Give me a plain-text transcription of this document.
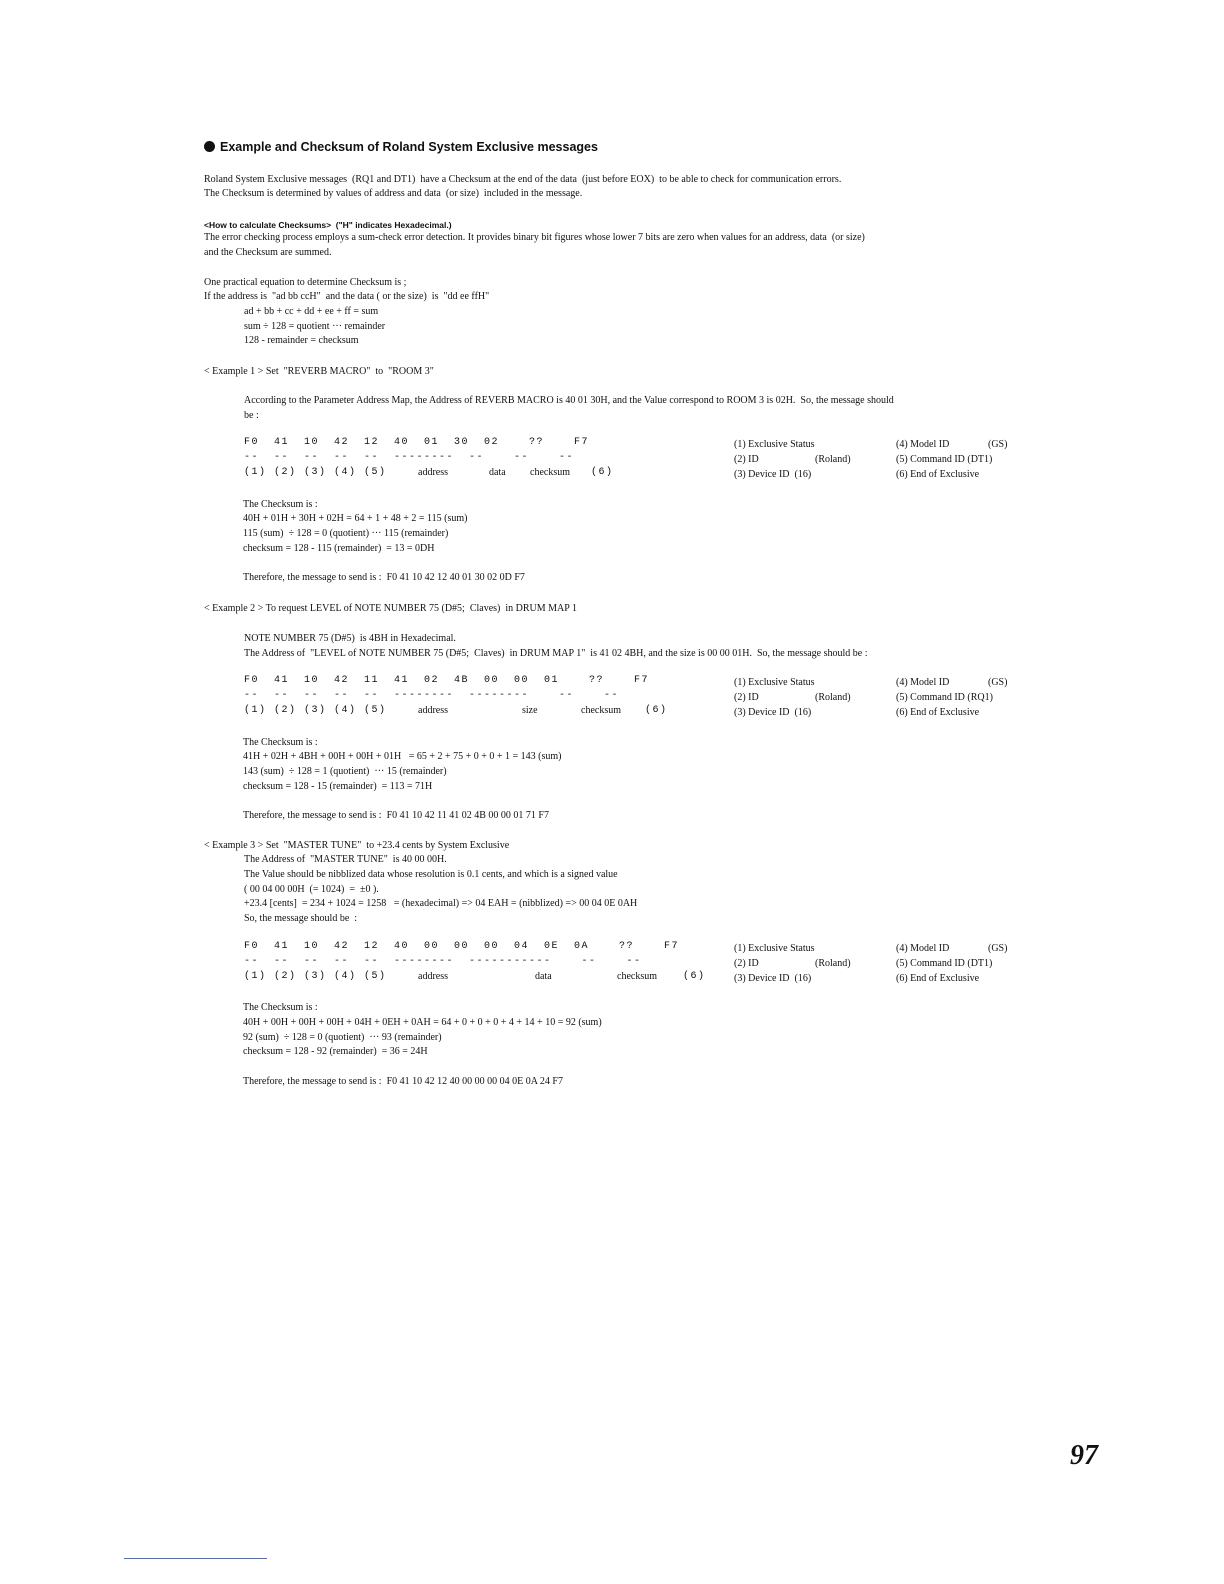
Example and Checksum of Roland System Exclusive messages
Roland System Exclusive messages  (RQ1 and DT1)  have a Checksum at the end of the data  (just before EOX)  to be able to check for communication errors.
The Checksum is determined by values of address and data  (or size)  included in the message.
<How to calculate Checksums>  ("H" indicates Hexadecimal.)
The error checking process employs a sum-check error detection. It provides binary bit figures whose lower 7 bits are zero when values for an address, data  (or size)
and the Checksum are summed.
One practical equation to determine Checksum is ;
If the address is  "ad bb ccH"  and the data ( or the size)  is  "dd ee ffH"
ad + bb + cc + dd + ee + ff = sum
sum ÷ 128 = quotient ··· remainder
128 - remainder = checksum
< Example 1 > Set  "REVERB MACRO"  to  "ROOM 3"
According to the Parameter Address Map, the Address of REVERB MACRO is 40 01 30H, and the Value correspond to ROOM 3 is 02H.  So, the message should
be :
F0  41  10  42  12  40  01  30  02    ??    F7
--  --  --  --  --  --------  --    --    --
(1) (2) (3) (4) (5)	address	data checksum (6)
(1) Exclusive Status
(2) ID	(Roland)
(3) Device ID  (16)
(4) Model ID	(GS)
(5) Command ID (DT1)
(6) End of Exclusive
The Checksum is :
40H + 01H + 30H + 02H = 64 + 1 + 48 + 2 = 115 (sum)
115 (sum)  ÷ 128 = 0 (quotient) ··· 115 (remainder)
checksum = 128 - 115 (remainder)  = 13 = 0DH
Therefore, the message to send is :  F0 41 10 42 12 40 01 30 02 0D F7
< Example 2 > To request LEVEL of NOTE NUMBER 75 (D#5;  Claves)  in DRUM MAP 1
NOTE NUMBER 75 (D#5)  is 4BH in Hexadecimal.
The Address of  "LEVEL of NOTE NUMBER 75 (D#5;  Claves)  in DRUM MAP 1"  is 41 02 4BH, and the size is 00 00 01H.  So, the message should be :
F0  41  10  42  11  41  02  4B  00  00  01    ??    F7
--  --  --  --  --  --------  --------    --    --
(1) (2) (3) (4) (5)	address	size	checksum (6)
(1) Exclusive Status
(2) ID	(Roland)
(3) Device ID  (16)
(4) Model ID	(GS)
(5) Command ID (RQ1)
(6) End of Exclusive
The Checksum is :
41H + 02H + 4BH + 00H + 00H + 01H   = 65 + 2 + 75 + 0 + 0 + 1 = 143 (sum)
143 (sum)  ÷ 128 = 1 (quotient)  ··· 15 (remainder)
checksum = 128 - 15 (remainder)  = 113 = 71H
Therefore, the message to send is :  F0 41 10 42 11 41 02 4B 00 00 01 71 F7
< Example 3 > Set  "MASTER TUNE"  to +23.4 cents by System Exclusive
The Address of  "MASTER TUNE"  is 40 00 00H.
The Value should be nibblized data whose resolution is 0.1 cents, and which is a signed value
( 00 04 00 00H  (= 1024)  =  ±0 ).
+23.4 [cents]  = 234 + 1024 = 1258   = (hexadecimal) => 04 EAH = (nibblized) => 00 04 0E 0AH
So, the message should be  :
F0  41  10  42  12  40  00  00  00  04  0E  0A    ??    F7
--  --  --  --  --  --------  -----------    --    --
(1) (2) (3) (4) (5)	address	data	checksum	(6)
(1) Exclusive Status
(2) ID	(Roland)
(3) Device ID  (16)
(4) Model ID	(GS)
(5) Command ID (DT1)
(6) End of Exclusive
The Checksum is :
40H + 00H + 00H + 00H + 04H + 0EH + 0AH = 64 + 0 + 0 + 0 + 4 + 14 + 10 = 92 (sum)
92 (sum)  ÷ 128 = 0 (quotient)  ··· 93 (remainder)
checksum = 128 - 92 (remainder)  = 36 = 24H
Therefore, the message to send is :  F0 41 10 42 12 40 00 00 00 04 0E 0A 24 F7
97
